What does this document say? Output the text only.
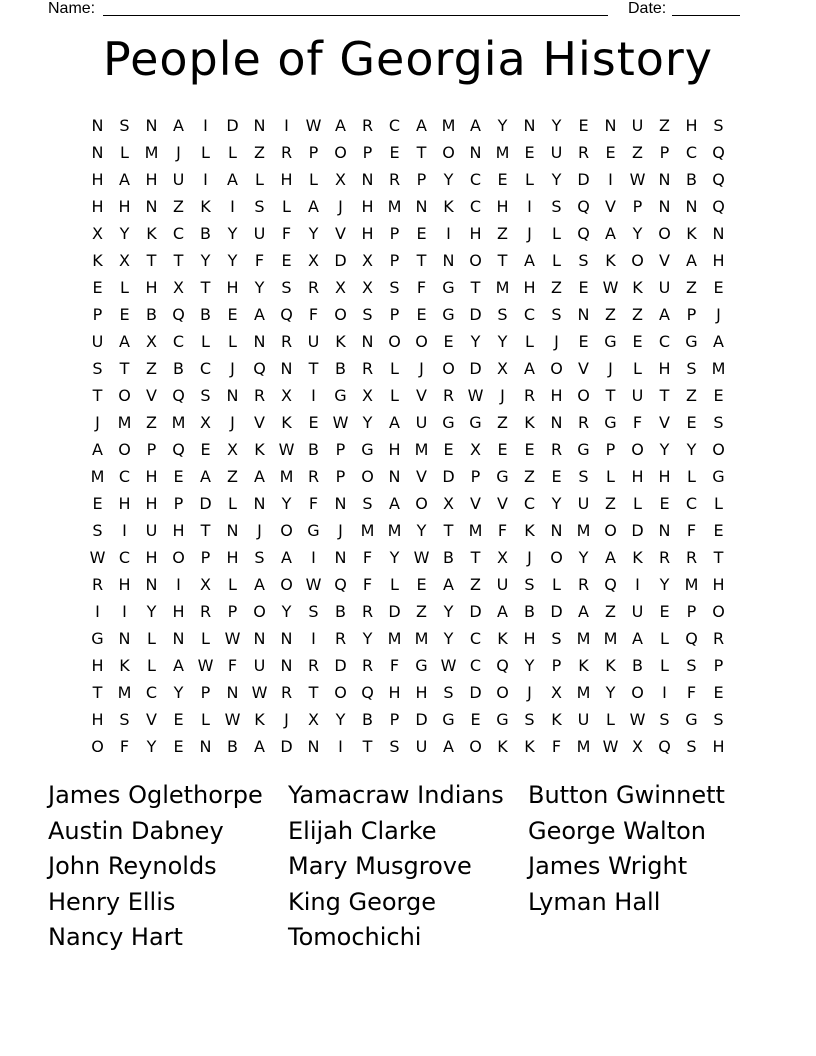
Name:	Date:
People of Georgia History
N S N A	I	D N	I	W A R C A M A	Y	N	Y	E N U Z H S
N	L M	J	L	L	Z R	P O P	E	T O N M E	U R	E	Z	P	C Q
H A H U	I	A	L	H	L	X N R	P	Y	C	E	L	Y D	I	W N B Q
H H N Z	K	I	S	L	A	J	H M N K	C H	I	S Q V	P	N N Q
X	Y	K	C B	Y	U	F	Y	V H	P	E	I	H Z	J	L	Q A	Y O K N
K	X	T	T	Y	Y	F	E	X D X	P	T	N O T	A	L	S	K O V	A H
E	L	H X	T	H	Y	S	R X	X	S	F	G T M H Z	E W K U Z	E
P	E	B Q B	E	A Q	F	O S	P	E G D S	C	S N Z	Z	A	P	J
U A	X C	L	L	N R U K N O O E	Y	Y	L	J	E G E	C G A
S	T	Z	B C	J	Q N	T	B R	L	J	O D X	A O V	J	L	H S M
T O V Q S N R X	I	G X	L	V R W	J	R H O T	U	T	Z	E
J	M Z M X	J	V	K	E W Y	A U G G Z	K N R G	F	V	E	S
A O P Q E	X	K W B	P G H M E	X	E	E	R G P O Y	Y O
M C H E	A	Z	A M R	P O N V D	P G Z	E	S	L	H H	L	G
E H H	P	D	L	N	Y	F	N S	A O X	V	V C	Y	U Z	L	E	C	L
S	I	U H	T	N	J	O G	J	M M Y	T M F	K N M O D N	F	E
W C H O P	H S	A	I	N	F	Y W B	T	X	J	O Y	A	K	R R	T
R H N	I	X	L	A O W Q	F	L	E	A	Z U	S	L	R Q	I	Y M H
I	I	Y	H R	P O Y	S	B R D Z	Y D A	B D A	Z U	E	P O
G N	L	N	L W N N	I	R	Y M M Y	C	K H S M M A	L	Q R
H K	L	A W F	U N R D R	F	G W C Q Y	P	K	K	B	L	S	P
T M C	Y	P	N W R	T O Q H H S D O	J	X M Y O	I	F	E
H S	V	E	L W K	J	X	Y	B	P	D G E G S	K U	L W S G S
O	F	Y	E N B	A D N	I	T	S	U A O K	K	F M W X Q S H
James Oglethorpe Yamacraw Indians Button Gwinnett
Austin Dabney	Elijah Clarke	George Walton
John Reynolds	Mary Musgrove James Wright
Henry Ellis	King George	Lyman Hall
Nancy Hart	Tomochichi
